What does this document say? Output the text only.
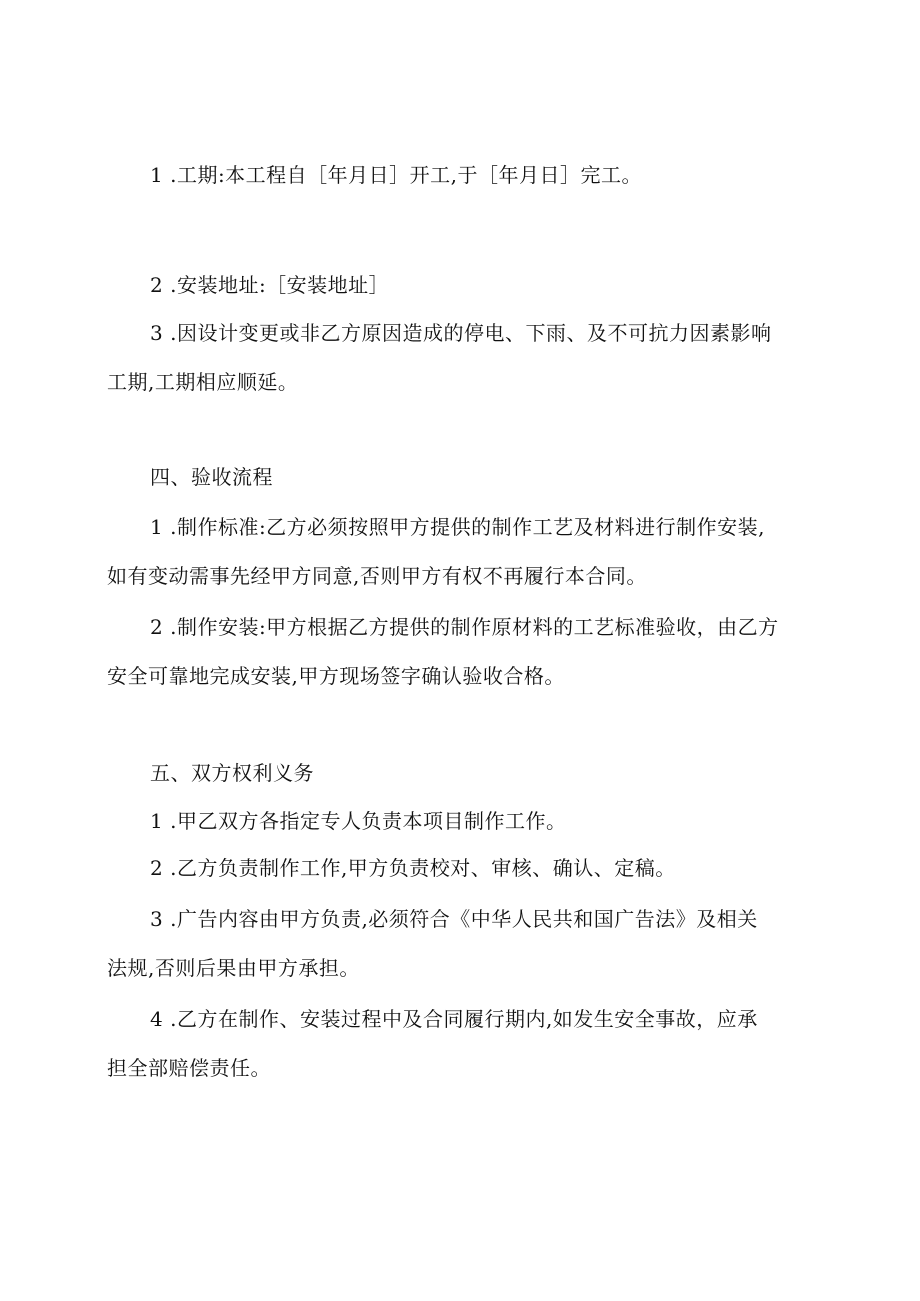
1 .工期:本工程自［年月日］开工,于［年月日］完工。

2 .安装地址:［安装地址］

3 .因设计变更或非乙方原因造成的停电、下雨、及不可抗力因素影响

工期,工期相应顺延。

四、验收流程

1 .制作标准:乙方必须按照甲方提供的制作工艺及材料进行制作安装,

如有变动需事先经甲方同意,否则甲方有权不再履行本合同。

2 .制作安装:甲方根据乙方提供的制作原材料的工艺标准验收，由乙方

安全可靠地完成安装,甲方现场签字确认验收合格。

五、双方权利义务

1 .甲乙双方各指定专人负责本项目制作工作。

2 .乙方负责制作工作,甲方负责校对、审核、确认、定稿。

3 .广告内容由甲方负责,必须符合《中华人民共和国广告法》及相关

法规,否则后果由甲方承担。

4 .乙方在制作、安装过程中及合同履行期内,如发生安全事故，应承

担全部赔偿责任。
